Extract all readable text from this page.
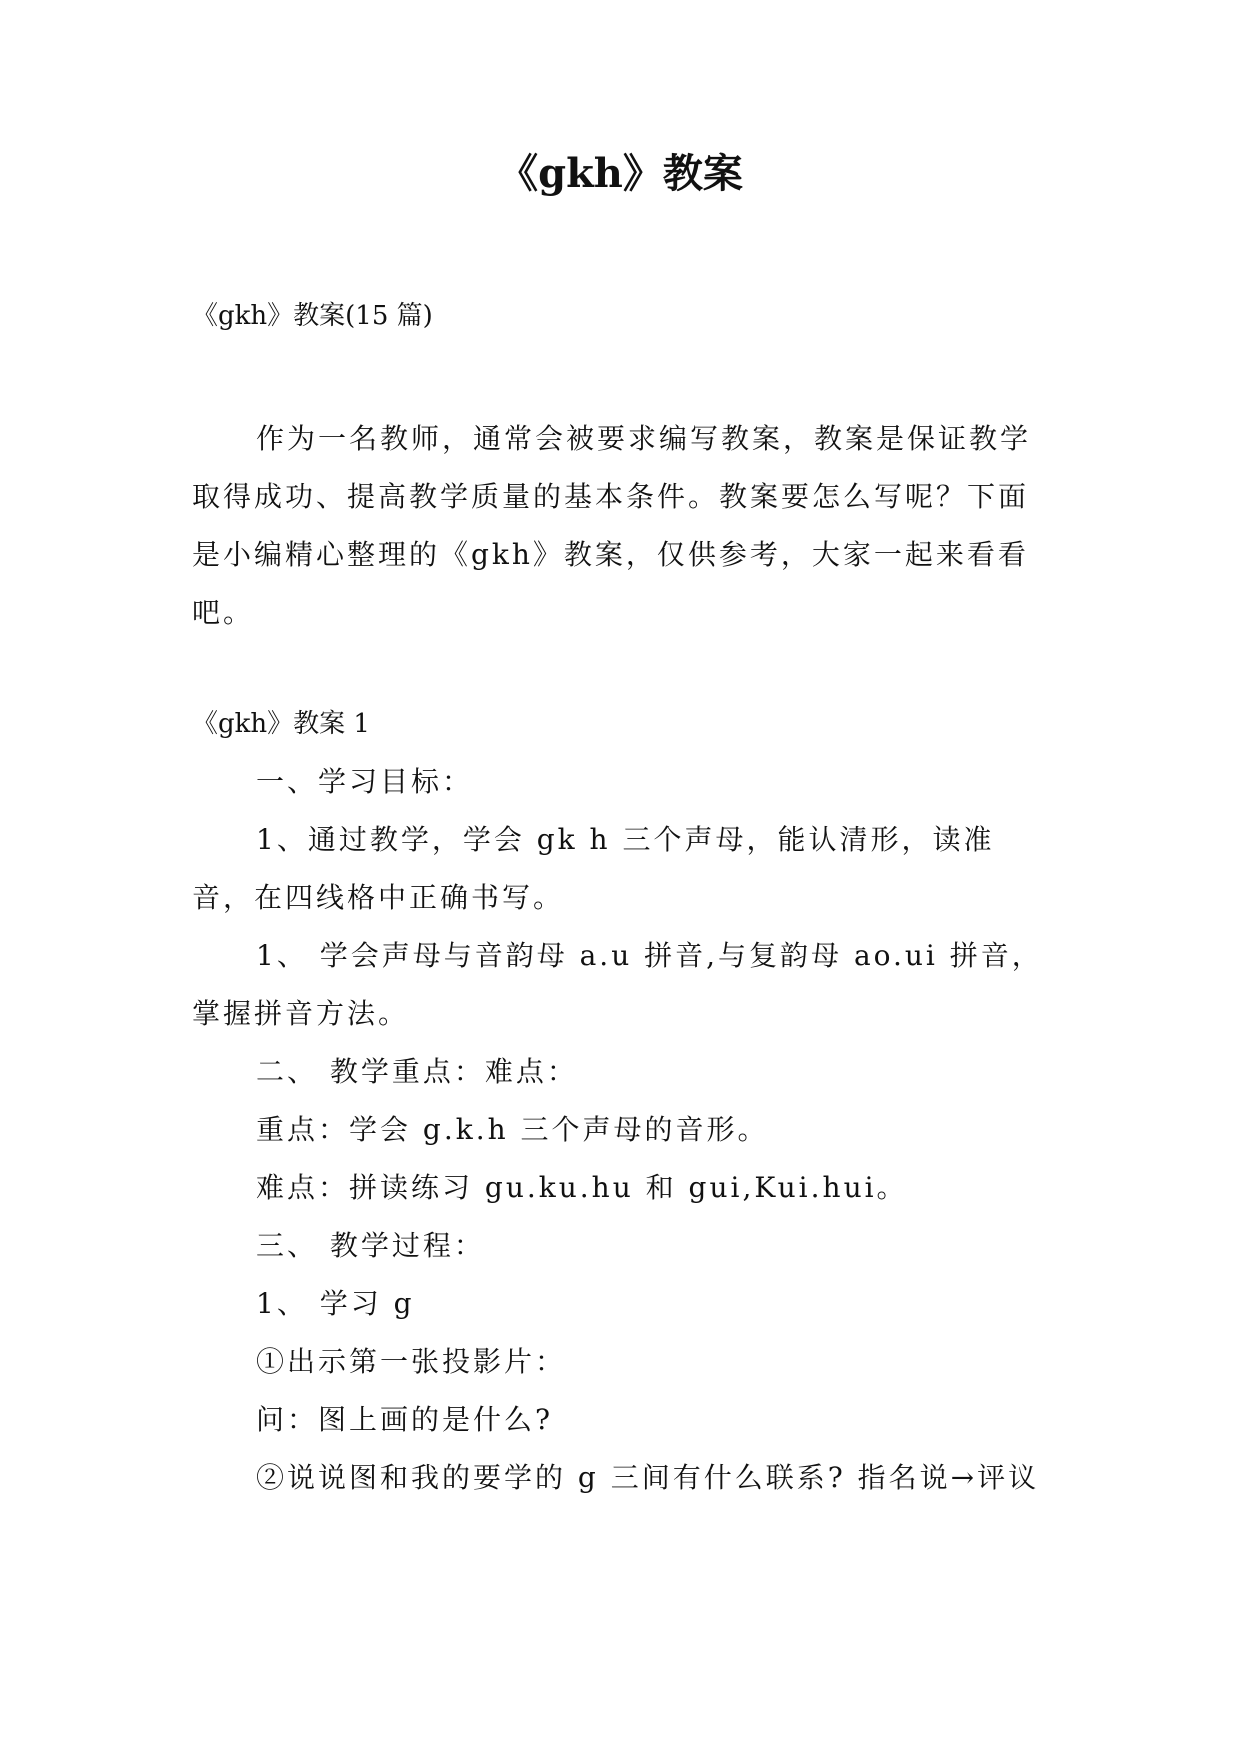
《gkh》教案
《gkh》教案(15 篇)

作为一名教师，通常会被要求编写教案，教案是保证教学取得成功、提高教学质量的基本条件。教案要怎么写呢？下面是小编精心整理的《gkh》教案，仅供参考，大家一起来看看吧。

《gkh》教案 1

一、学习目标：

1、通过教学，学会 gk h 三个声母，能认清形，读准音，在四线格中正确书写。

1、 学会声母与音韵母 a.u 拼音,与复韵母 ao.ui 拼音，掌握拼音方法。

二、 教学重点：难点：

重点：学会 g.k.h 三个声母的音形。

难点：拼读练习 gu.ku.hu 和 gui,Kui.hui。

三、 教学过程：

1、 学习 g

①出示第一张投影片：

问：图上画的是什么?

②说说图和我的要学的 g 三间有什么联系? 指名说→评议
